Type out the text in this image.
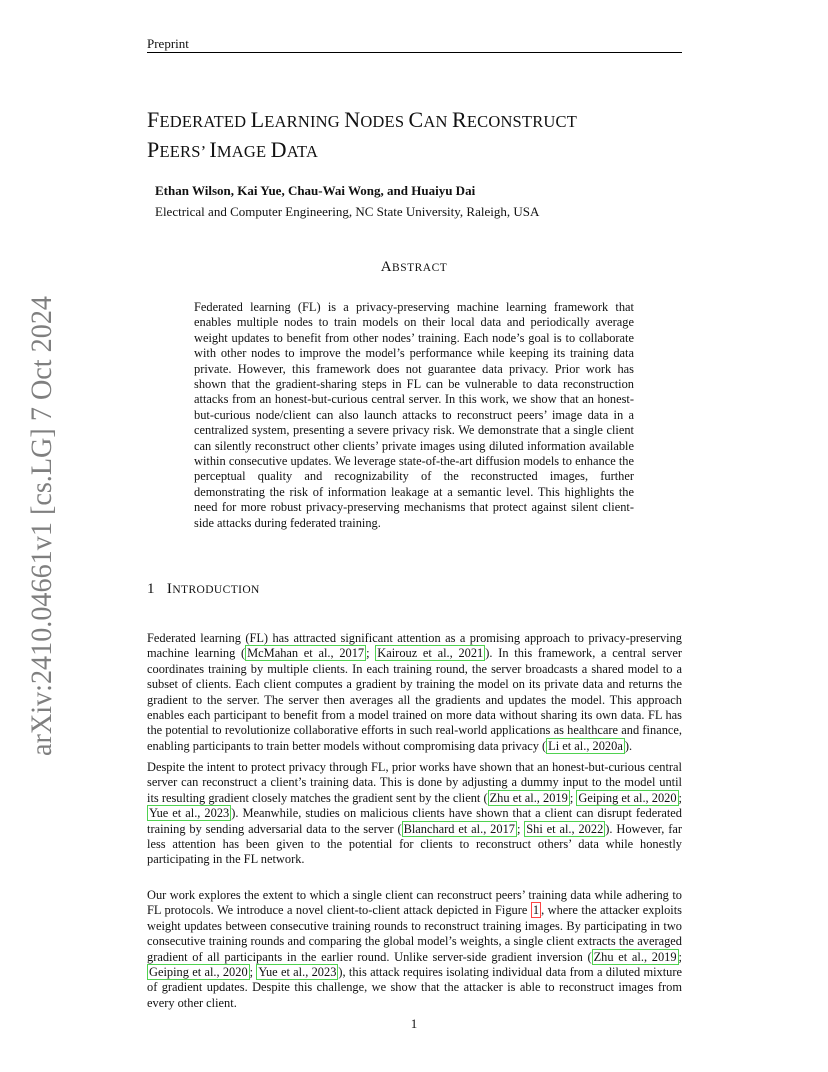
Preprint
arXiv:2410.04661v1 [cs.LG] 7 Oct 2024
FEDERATED LEARNING NODES CAN RECONSTRUCT
PEERS’ IMAGE DATA
Ethan Wilson, Kai Yue, Chau-Wai Wong, and Huaiyu Dai
Electrical and Computer Engineering, NC State University, Raleigh, USA
ABSTRACT
Federated learning (FL) is a privacy-preserving machine learning framework that enables multiple nodes to train models on their local data and periodically average weight updates to benefit from other nodes’ training. Each node’s goal is to collaborate with other nodes to improve the model’s performance while keeping its training data private. However, this framework does not guarantee data privacy. Prior work has shown that the gradient-sharing steps in FL can be vulnerable to data reconstruction attacks from an honest-but-curious central server. In this work, we show that an honest-but-curious node/client can also launch attacks to reconstruct peers’ image data in a centralized system, presenting a severe privacy risk. We demonstrate that a single client can silently reconstruct other clients’ private images using diluted information available within consecutive updates. We leverage state-of-the-art diffusion models to enhance the perceptual quality and recognizability of the reconstructed images, further demonstrating the risk of information leakage at a semantic level. This highlights the need for more robust privacy-preserving mechanisms that protect against silent client-side attacks during federated training.
1 INTRODUCTION
Federated learning (FL) has attracted significant attention as a promising approach to privacy-preserving machine learning ( McMahan et al., 2017 ; Kairouz et al., 2021 ). In this framework, a central server coordinates training by multiple clients. In each training round, the server broadcasts a shared model to a subset of clients. Each client computes a gradient by training the model on its private data and returns the gradient to the server. The server then averages all the gradients and updates the model. This approach enables each participant to benefit from a model trained on more data without sharing its own data. FL has the potential to revolutionize collaborative efforts in such real-world applications as healthcare and finance, enabling participants to train better models without compromising data privacy ( Li et al., 2020a ).
Despite the intent to protect privacy through FL, prior works have shown that an honest-but-curious central server can reconstruct a client’s training data. This is done by adjusting a dummy input to the model until its resulting gradient closely matches the gradient sent by the client ( Zhu et al., 2019 ; Geiping et al., 2020 ; Yue et al., 2023 ). Meanwhile, studies on malicious clients have shown that a client can disrupt federated training by sending adversarial data to the server ( Blanchard et al., 2017 ; Shi et al., 2022 ). However, far less attention has been given to the potential for clients to reconstruct others’ data while honestly participating in the FL network.
Our work explores the extent to which a single client can reconstruct peers’ training data while adhering to FL protocols. We introduce a novel client-to-client attack depicted in Figure 1 , where the attacker exploits weight updates between consecutive training rounds to reconstruct training images. By participating in two consecutive training rounds and comparing the global model’s weights, a single client extracts the averaged gradient of all participants in the earlier round. Unlike server-side gradient inversion ( Zhu et al., 2019 ; Geiping et al., 2020 ; Yue et al., 2023 ), this attack requires isolating individual data from a diluted mixture of gradient updates. Despite this challenge, we show that the attacker is able to reconstruct images from every other client.
1
